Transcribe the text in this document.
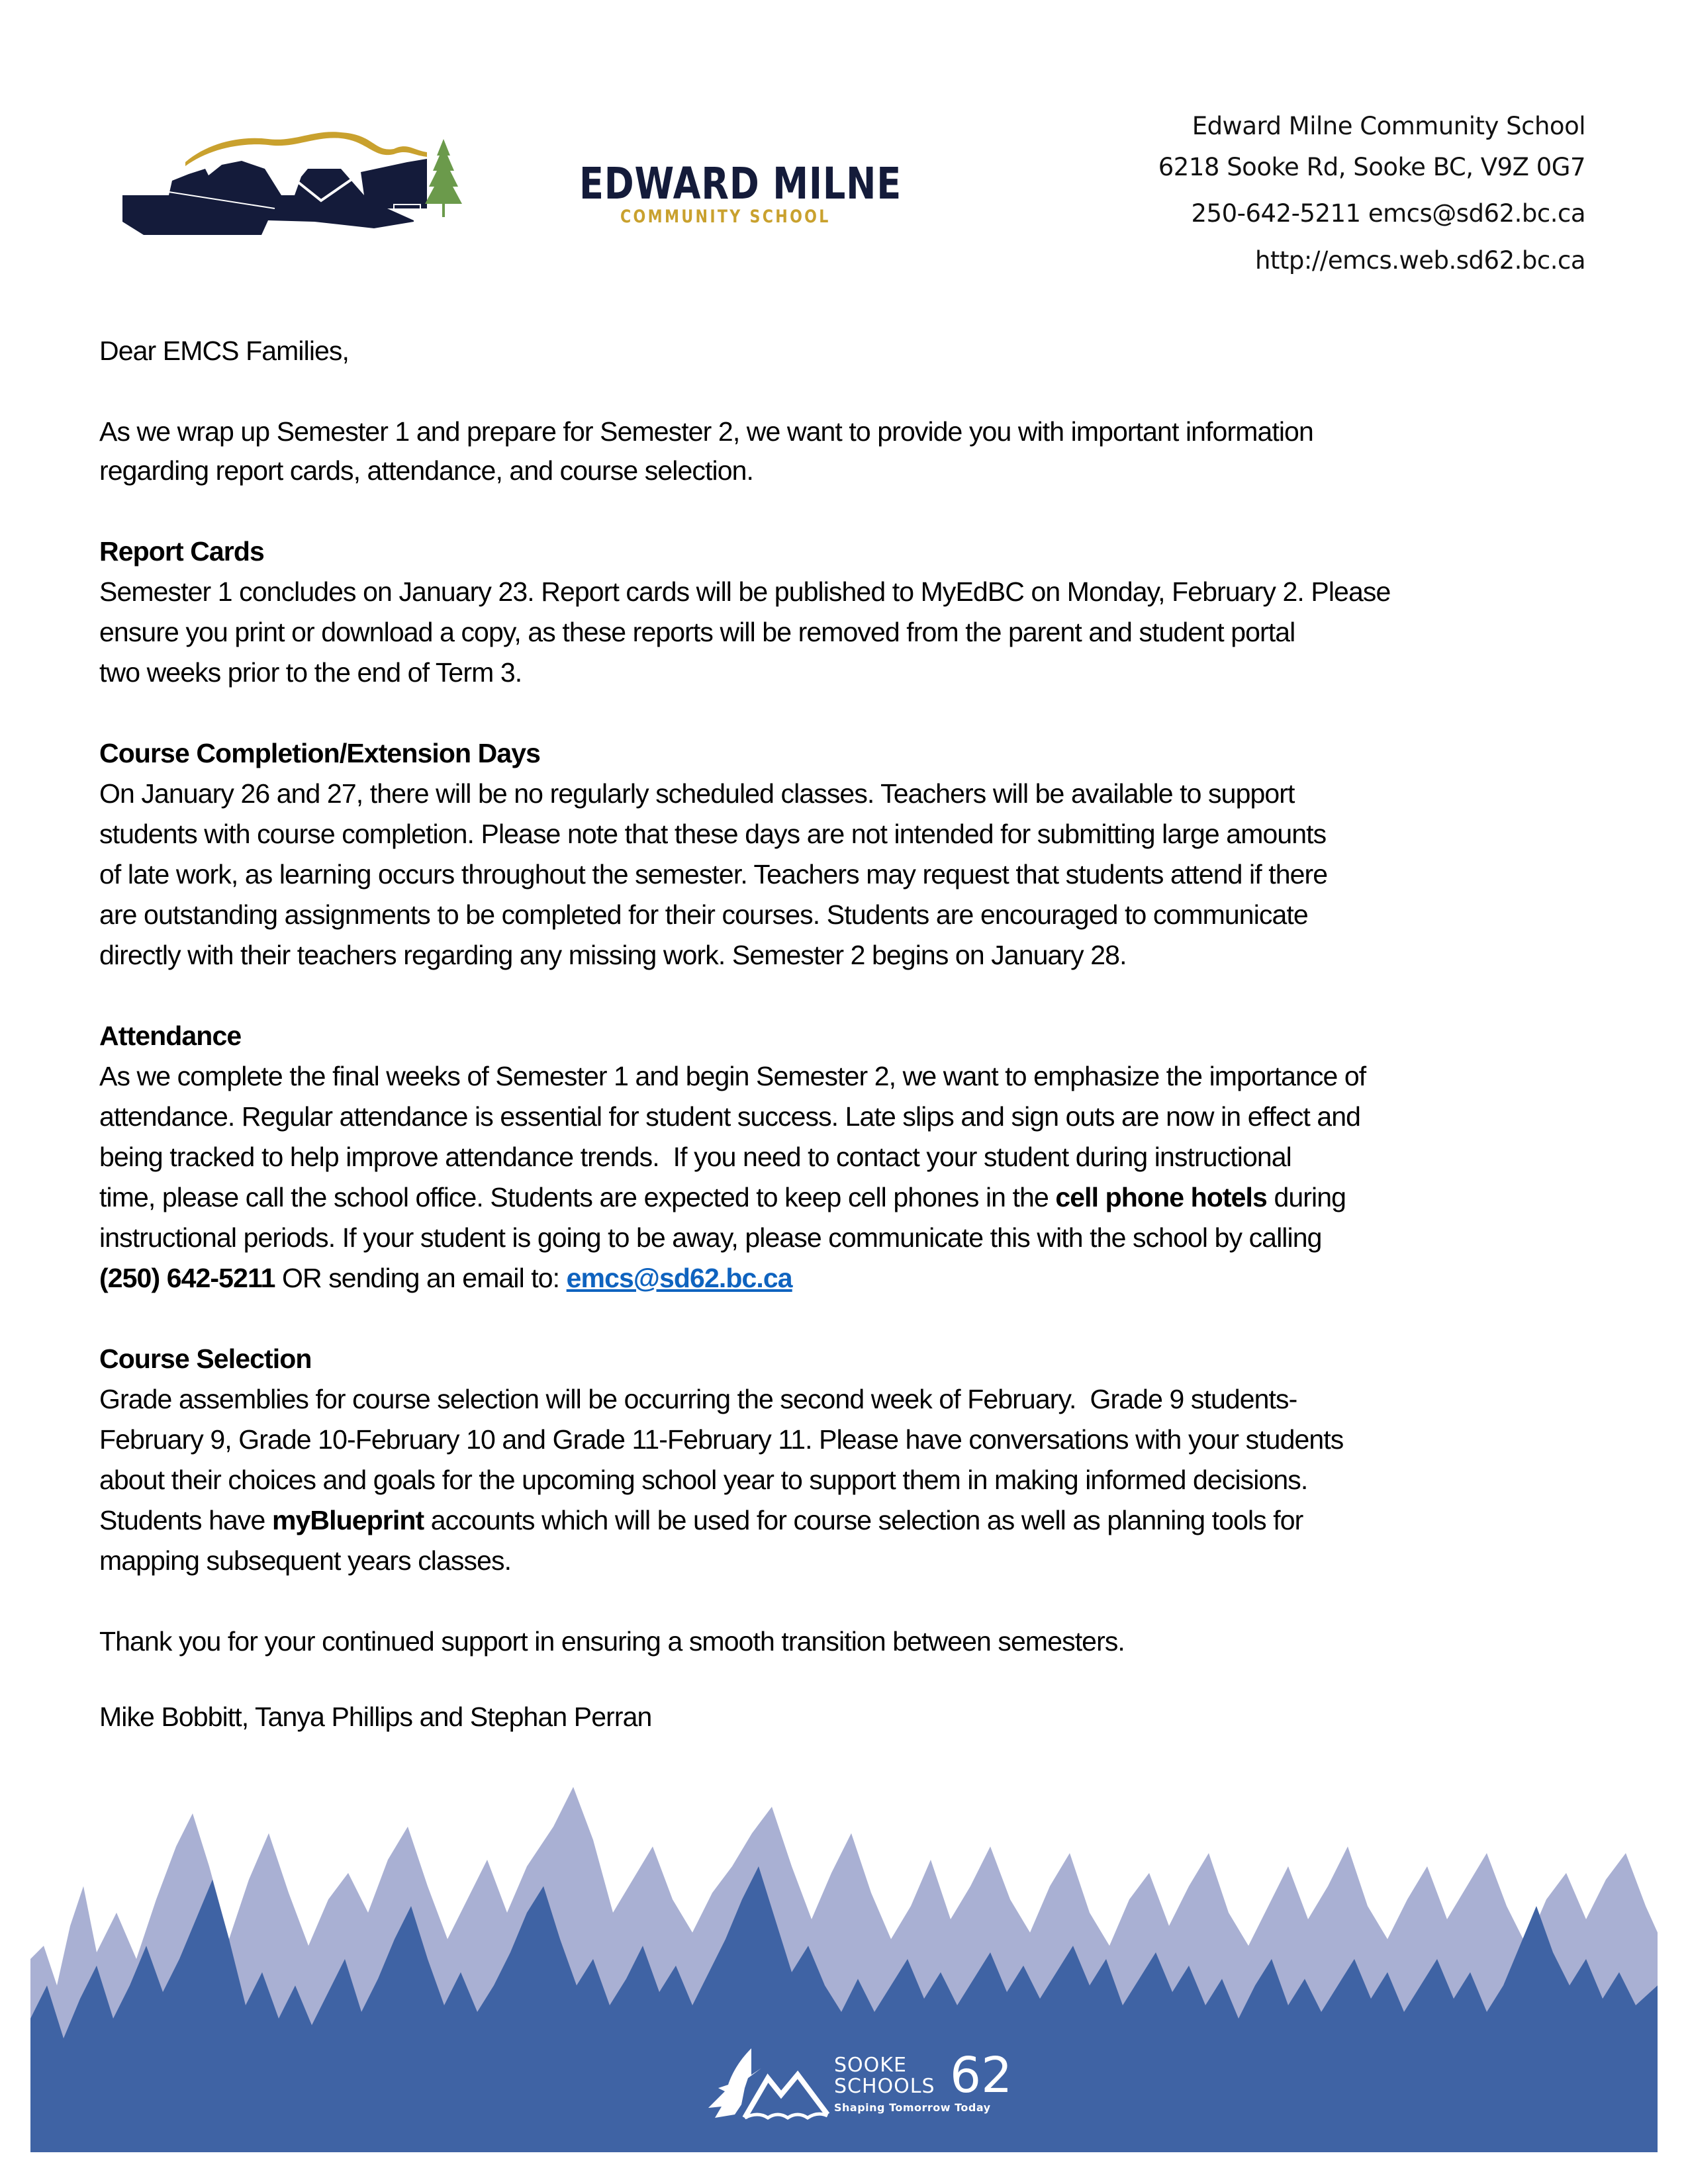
EDWARD MILNE
COMMUNITY SCHOOL
Edward Milne Community School
6218 Sooke Rd, Sooke BC, V9Z 0G7
250-642-5211 emcs@sd62.bc.ca
http://emcs.web.sd62.bc.ca
Dear EMCS Families,
As we wrap up Semester 1 and prepare for Semester 2, we want to provide you with important information
regarding report cards, attendance, and course selection.
Report Cards
Semester 1 concludes on January 23. Report cards will be published to MyEdBC on Monday, February 2. Please
ensure you print or download a copy, as these reports will be removed from the parent and student portal
two weeks prior to the end of Term 3.
Course Completion/Extension Days
On January 26 and 27, there will be no regularly scheduled classes. Teachers will be available to support
students with course completion. Please note that these days are not intended for submitting large amounts
of late work, as learning occurs throughout the semester. Teachers may request that students attend if there
are outstanding assignments to be completed for their courses. Students are encouraged to communicate
directly with their teachers regarding any missing work. Semester 2 begins on January 28.
Attendance
As we complete the final weeks of Semester 1 and begin Semester 2, we want to emphasize the importance of
attendance. Regular attendance is essential for student success. Late slips and sign outs are now in effect and
being tracked to help improve attendance trends.  If you need to contact your student during instructional
time, please call the school office. Students are expected to keep cell phones in the cell phone hotels during
instructional periods. If your student is going to be away, please communicate this with the school by calling
(250) 642-5211 OR sending an email to: emcs@sd62.bc.ca
Course Selection
Grade assemblies for course selection will be occurring the second week of February.  Grade 9 students-
February 9, Grade 10-February 10 and Grade 11-February 11. Please have conversations with your students
about their choices and goals for the upcoming school year to support them in making informed decisions.
Students have myBlueprint accounts which will be used for course selection as well as planning tools for
mapping subsequent years classes.
Thank you for your continued support in ensuring a smooth transition between semesters.
Mike Bobbitt, Tanya Phillips and Stephan Perran
SOOKE
SCHOOLS 62
Shaping Tomorrow Today
